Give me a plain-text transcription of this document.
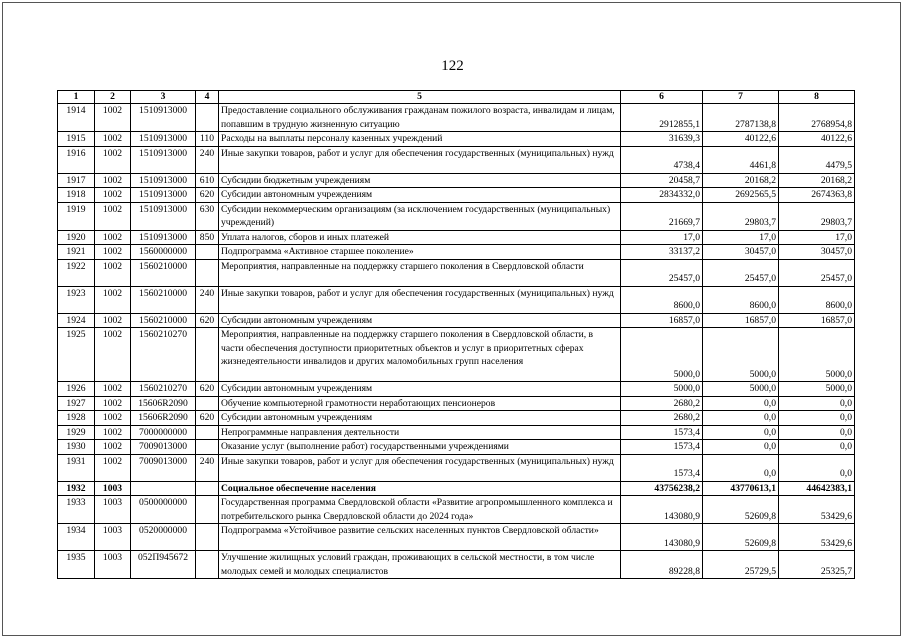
122
1	2	3	4	5	6	7	8
1914	1002	1510913000		Предоставление социального обслуживания гражданам пожилого возраста, инвалидам и лицам, попавшим в трудную жизненную ситуацию	2912855,1	2787138,8	2768954,8
1915	1002	1510913000	110	Расходы на выплаты персоналу казенных учреждений	31639,3	40122,6	40122,6
1916	1002	1510913000	240	Иные закупки товаров, работ и услуг для обеспечения государственных (муниципальных) нужд	4738,4	4461,8	4479,5
1917	1002	1510913000	610	Субсидии бюджетным учреждениям	20458,7	20168,2	20168,2
1918	1002	1510913000	620	Субсидии автономным учреждениям	2834332,0	2692565,5	2674363,8
1919	1002	1510913000	630	Субсидии некоммерческим организациям (за исключением государственных (муниципальных) учреждений)	21669,7	29803,7	29803,7
1920	1002	1510913000	850	Уплата налогов, сборов и иных платежей	17,0	17,0	17,0
1921	1002	1560000000		Подпрограмма «Активное старшее поколение»	33137,2	30457,0	30457,0
1922	1002	1560210000		Мероприятия, направленные на поддержку старшего поколения в Свердловской области	25457,0	25457,0	25457,0
1923	1002	1560210000	240	Иные закупки товаров, работ и услуг для обеспечения государственных (муниципальных) нужд	8600,0	8600,0	8600,0
1924	1002	1560210000	620	Субсидии автономным учреждениям	16857,0	16857,0	16857,0
1925	1002	1560210270		Мероприятия, направленные на поддержку старшего поколения в Свердловской области, в части обеспечения доступности приоритетных объектов и услуг в приоритетных сферах жизнедеятельности инвалидов и других маломобильных групп населения	5000,0	5000,0	5000,0
1926	1002	1560210270	620	Субсидии автономным учреждениям	5000,0	5000,0	5000,0
1927	1002	15606R2090		Обучение компьютерной грамотности неработающих пенсионеров	2680,2	0,0	0,0
1928	1002	15606R2090	620	Субсидии автономным учреждениям	2680,2	0,0	0,0
1929	1002	7000000000		Непрограммные направления деятельности	1573,4	0,0	0,0
1930	1002	7009013000		Оказание услуг (выполнение работ) государственными учреждениями	1573,4	0,0	0,0
1931	1002	7009013000	240	Иные закупки товаров, работ и услуг для обеспечения государственных (муниципальных) нужд	1573,4	0,0	0,0
1932	1003			Социальное обеспечение населения	43756238,2	43770613,1	44642383,1
1933	1003	0500000000		Государственная программа Свердловской области «Развитие агропромышленного комплекса и потребительского рынка Свердловской области до 2024 года»	143080,9	52609,8	53429,6
1934	1003	0520000000		Подпрограмма «Устойчивое развитие сельских населенных пунктов Свердловской области»	143080,9	52609,8	53429,6
1935	1003	052П945672		Улучшение жилищных условий граждан, проживающих в сельской местности, в том числе молодых семей и молодых специалистов	89228,8	25729,5	25325,7
